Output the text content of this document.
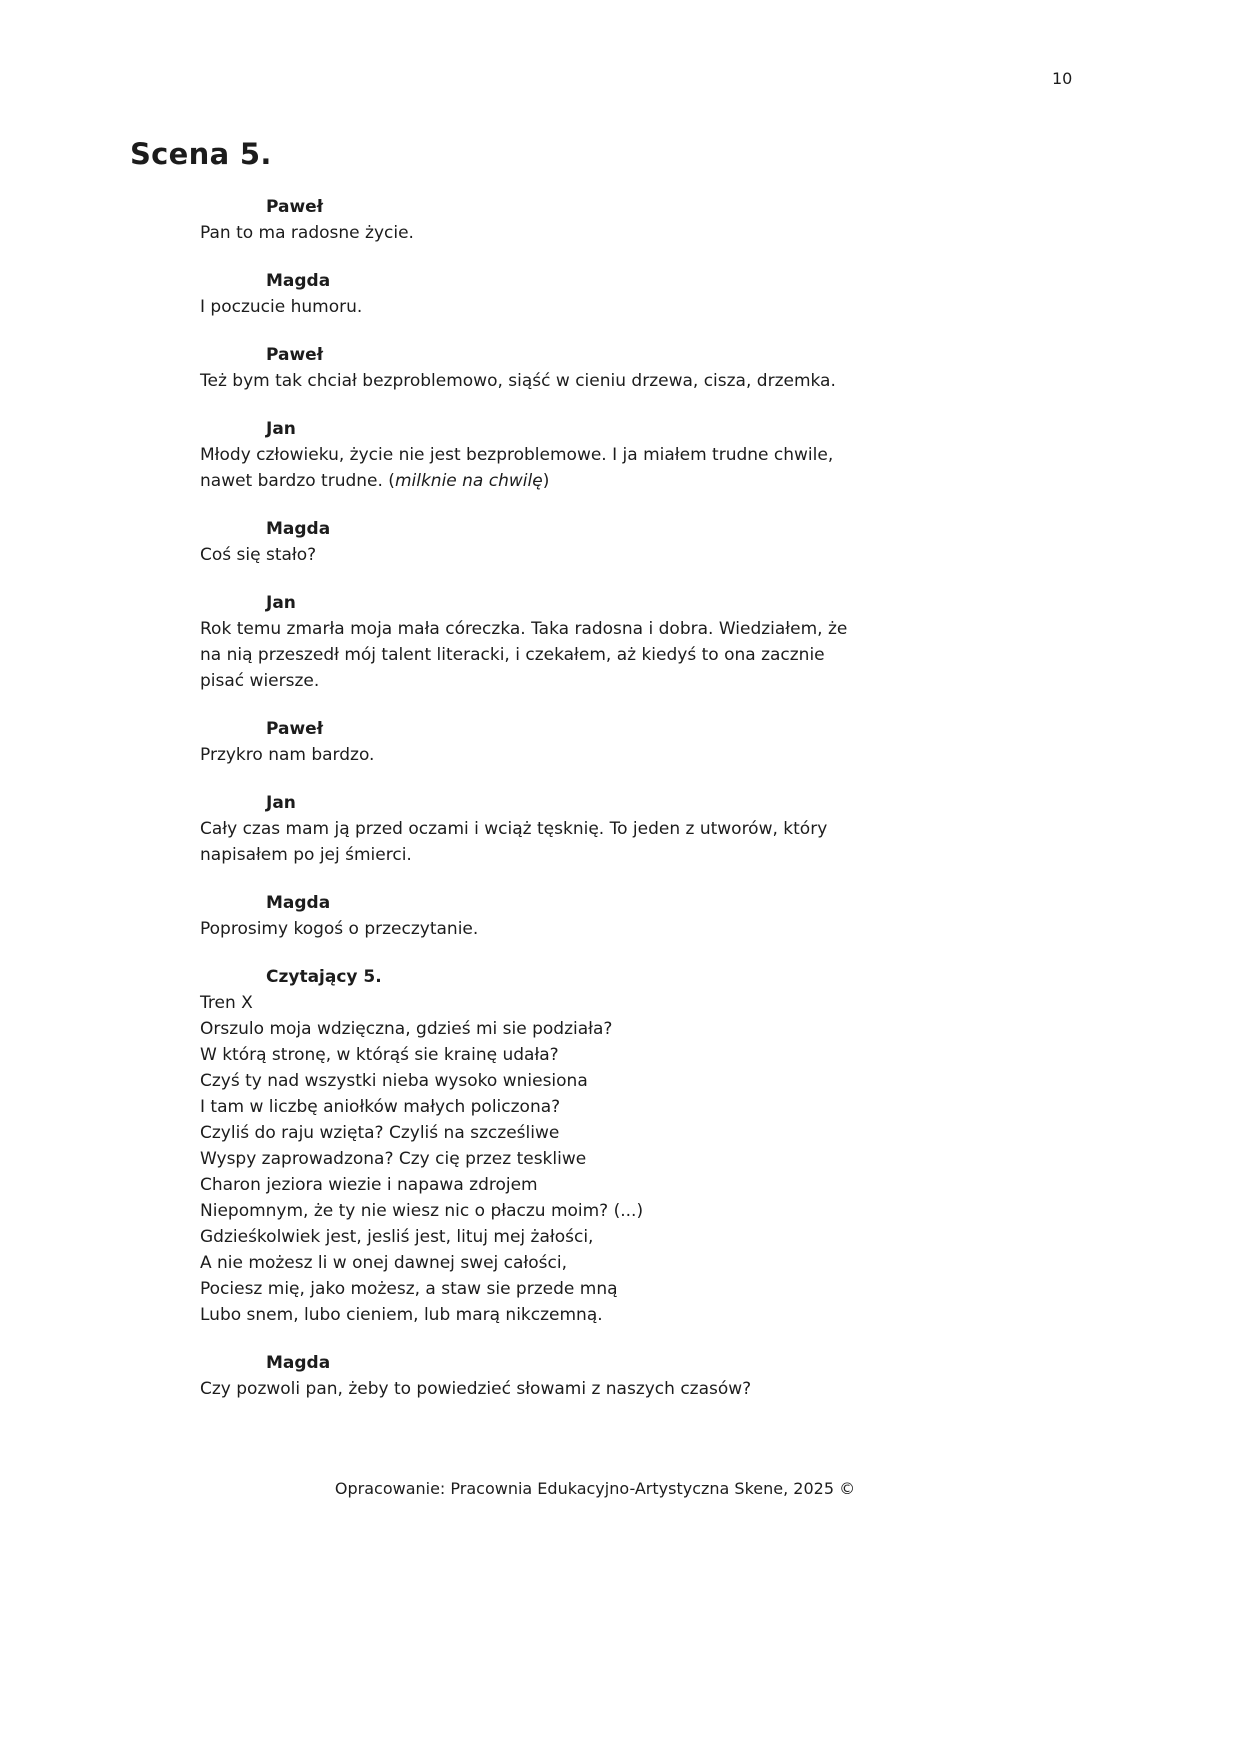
10
Scena 5.
Paweł
Pan to ma radosne życie.
Magda
I poczucie humoru.
Paweł
Też bym tak chciał bezproblemowo, siąść w cieniu drzewa, cisza, drzemka.
Jan
Młody człowieku, życie nie jest bezproblemowe. I ja miałem trudne chwile,
nawet bardzo trudne. (milknie na chwilę)
Magda
Coś się stało?
Jan
Rok temu zmarła moja mała córeczka. Taka radosna i dobra. Wiedziałem, że
na nią przeszedł mój talent literacki, i czekałem, aż kiedyś to ona zacznie
pisać wiersze.
Paweł
Przykro nam bardzo.
Jan
Cały czas mam ją przed oczami i wciąż tęsknię. To jeden z utworów, który
napisałem po jej śmierci.
Magda
Poprosimy kogoś o przeczytanie.
Czytający 5.
Tren X
Orszulo moja wdzięczna, gdzieś mi sie podziała?
W którą stronę, w którąś sie krainę udała?
Czyś ty nad wszystki nieba wysoko wniesiona
I tam w liczbę aniołków małych policzona?
Czyliś do raju wzięta? Czyliś na szcześliwe
Wyspy zaprowadzona? Czy cię przez teskliwe
Charon jeziora wiezie i napawa zdrojem
Niepomnym, że ty nie wiesz nic o płaczu moim? (...)
Gdzieśkolwiek jest, jesliś jest, lituj mej żałości,
A nie możesz li w onej dawnej swej całości,
Pociesz mię, jako możesz, a staw sie przede mną
Lubo snem, lubo cieniem, lub marą nikczemną.
Magda
Czy pozwoli pan, żeby to powiedzieć słowami z naszych czasów?
Opracowanie: Pracownia Edukacyjno-Artystyczna Skene, 2025 ©
